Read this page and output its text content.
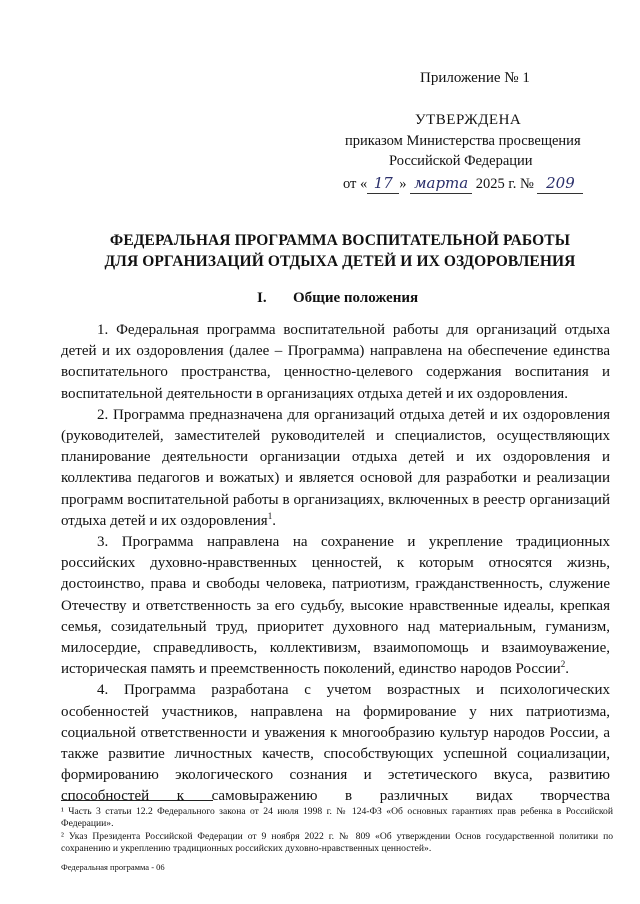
Приложение № 1
УТВЕРЖДЕНА
приказом Министерства просвещения
Российской Федерации
от « 17 » марта 2025 г. № 209
ФЕДЕРАЛЬНАЯ ПРОГРАММА ВОСПИТАТЕЛЬНОЙ РАБОТЫ
ДЛЯ ОРГАНИЗАЦИЙ ОТДЫХА ДЕТЕЙ И ИХ ОЗДОРОВЛЕНИЯ
I. Общие положения

1. Федеральная программа воспитательной работы для организаций отдыха детей и их оздоровления (далее – Программа) направлена на обеспечение единства воспитательного пространства, ценностно-целевого содержания воспитания и воспитательной деятельности в организациях отдыха детей и их оздоровления.

2. Программа предназначена для организаций отдыха детей и их оздоровления (руководителей, заместителей руководителей и специалистов, осуществляющих планирование деятельности организации отдыха детей и их оздоровления и коллектива педагогов и вожатых) и является основой для разработки и реализации программ воспитательной работы в организациях, включенных в реестр организаций отдыха детей и их оздоровления$^1$.

3. Программа направлена на сохранение и укрепление традиционных российских духовно-нравственных ценностей, к которым относятся жизнь, достоинство, права и свободы человека, патриотизм, гражданственность, служение Отечеству и ответственность за его судьбу, высокие нравственные идеалы, крепкая семья, созидательный труд, приоритет духовного над материальным, гуманизм, милосердие, справедливость, коллективизм, взаимопомощь и взаимоуважение, историческая память и преемственность поколений, единство народов России$^2$.

4. Программа разработана с учетом возрастных и психологических особенностей участников, направлена на формирование у них патриотизма, социальной ответственности и уважения к многообразию культур народов России, а также развитие личностных качеств, способствующих успешной социализации, формированию экологического сознания и эстетического вкуса, развитию способностей к самовыражению в различных видах творчества

¹ Часть 3 статьи 12.2 Федерального закона от 24 июля 1998 г. № 124-ФЗ «Об основных гарантиях прав ребенка в Российской Федерации».

² Указ Президента Российской Федерации от 9 ноября 2022 г. № 809 «Об утверждении Основ государственной политики по сохранению и укреплению традиционных российских духовно-нравственных ценностей».

Федеральная программа - 06
